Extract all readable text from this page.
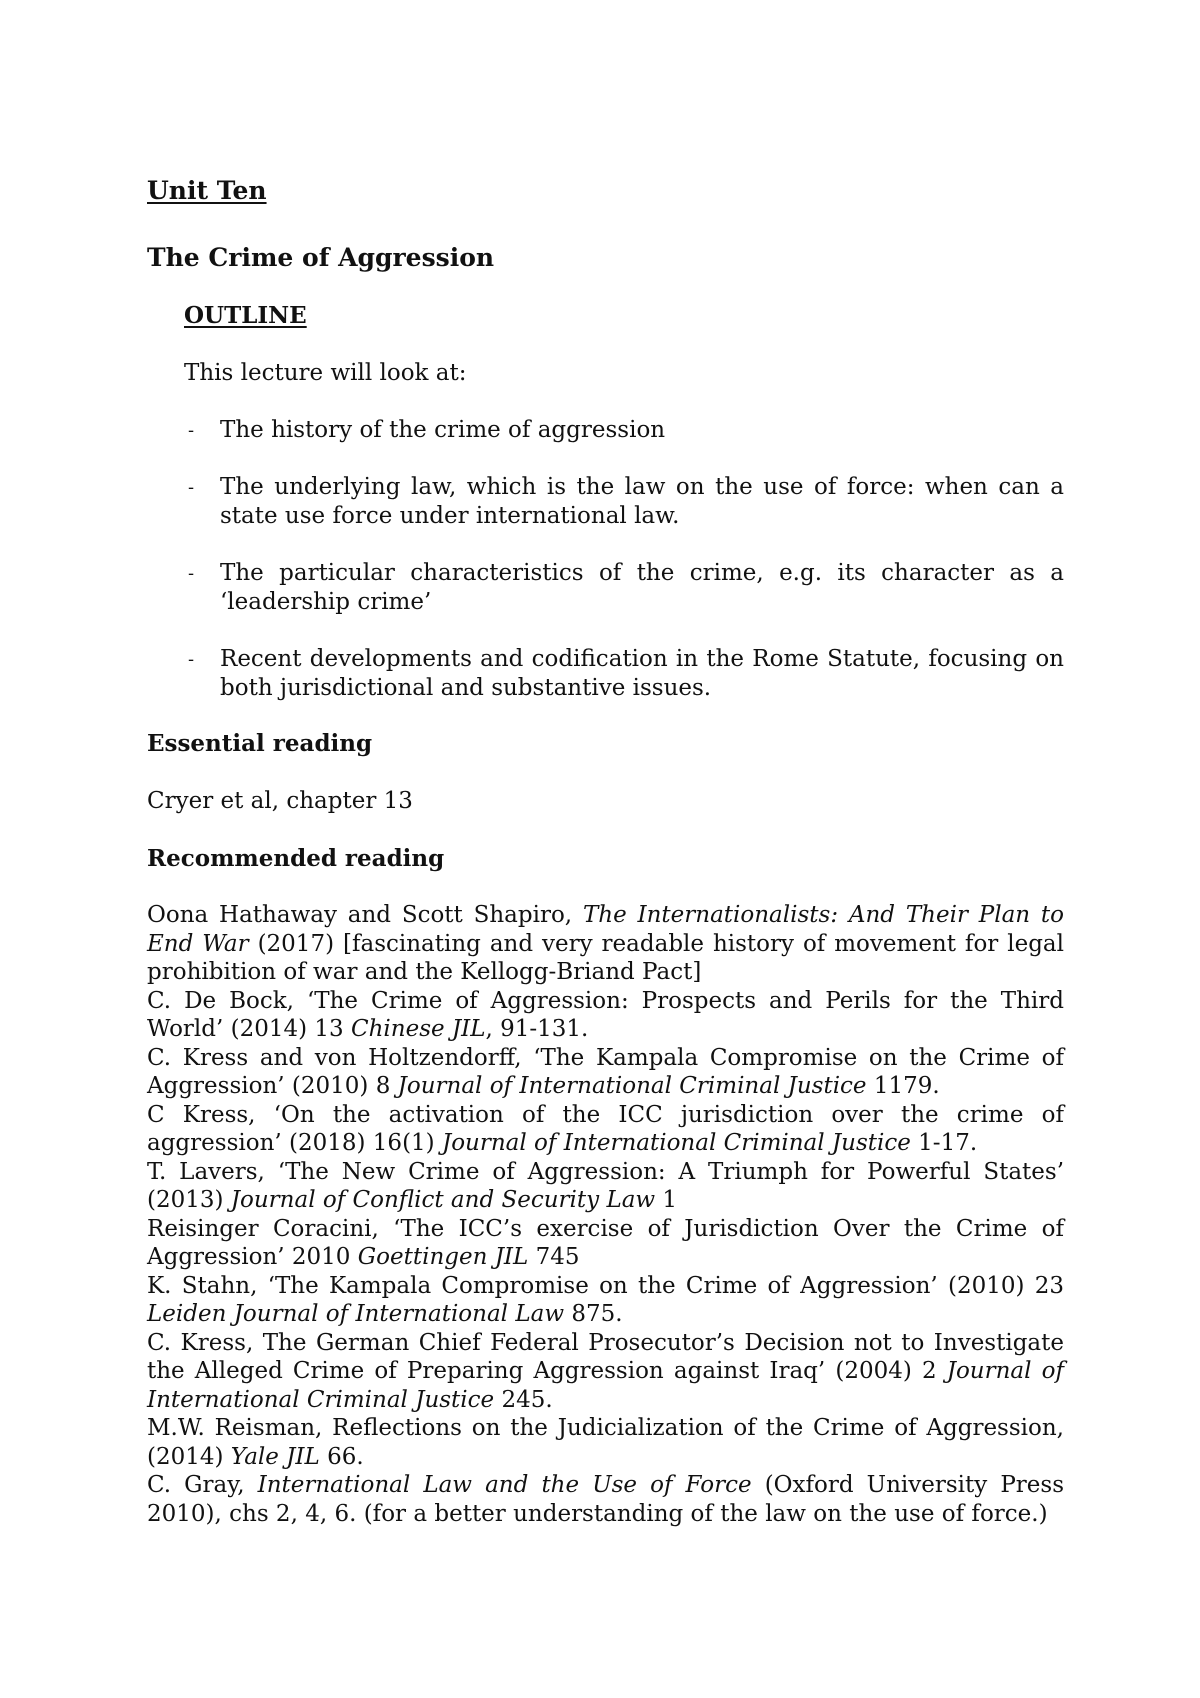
Unit Ten
The Crime of Aggression
OUTLINE

This lecture will look at:

- The history of the crime of aggression
- The underlying law, which is the law on the use of force: when can a state use force under international law.
- The particular characteristics of the crime, e.g. its character as a ‘leadership crime’
- Recent developments and codification in the Rome Statute, focusing on both jurisdictional and substantive issues.
Essential reading

Cryer et al, chapter 13

Recommended reading
Oona Hathaway and Scott Shapiro, The Internationalists: And Their Plan to End War (2017) [fascinating and very readable history of movement for legal prohibition of war and the Kellogg-Briand Pact]
C. De Bock, ‘The Crime of Aggression: Prospects and Perils for the Third World’ (2014) 13 Chinese JIL, 91-131.
C. Kress and von Holtzendorff, ‘The Kampala Compromise on the Crime of Aggression’ (2010) 8 Journal of International Criminal Justice 1179.
C Kress, ‘On the activation of the ICC jurisdiction over the crime of aggression’ (2018) 16(1) Journal of International Criminal Justice 1-17.
T. Lavers, ‘The New Crime of Aggression: A Triumph for Powerful States’ (2013) Journal of Conflict and Security Law 1
Reisinger Coracini, ‘The ICC’s exercise of Jurisdiction Over the Crime of Aggression’ 2010 Goettingen JIL 745
K. Stahn, ‘The Kampala Compromise on the Crime of Aggression’ (2010) 23 Leiden Journal of International Law 875.
C. Kress, The German Chief Federal Prosecutor’s Decision not to Investigate the Alleged Crime of Preparing Aggression against Iraq’ (2004) 2 Journal of International Criminal Justice 245.
M.W. Reisman, Reflections on the Judicialization of the Crime of Aggression, (2014) Yale JIL 66.
C. Gray, International Law and the Use of Force (Oxford University Press 2010), chs 2, 4, 6. (for a better understanding of the law on the use of force.)
